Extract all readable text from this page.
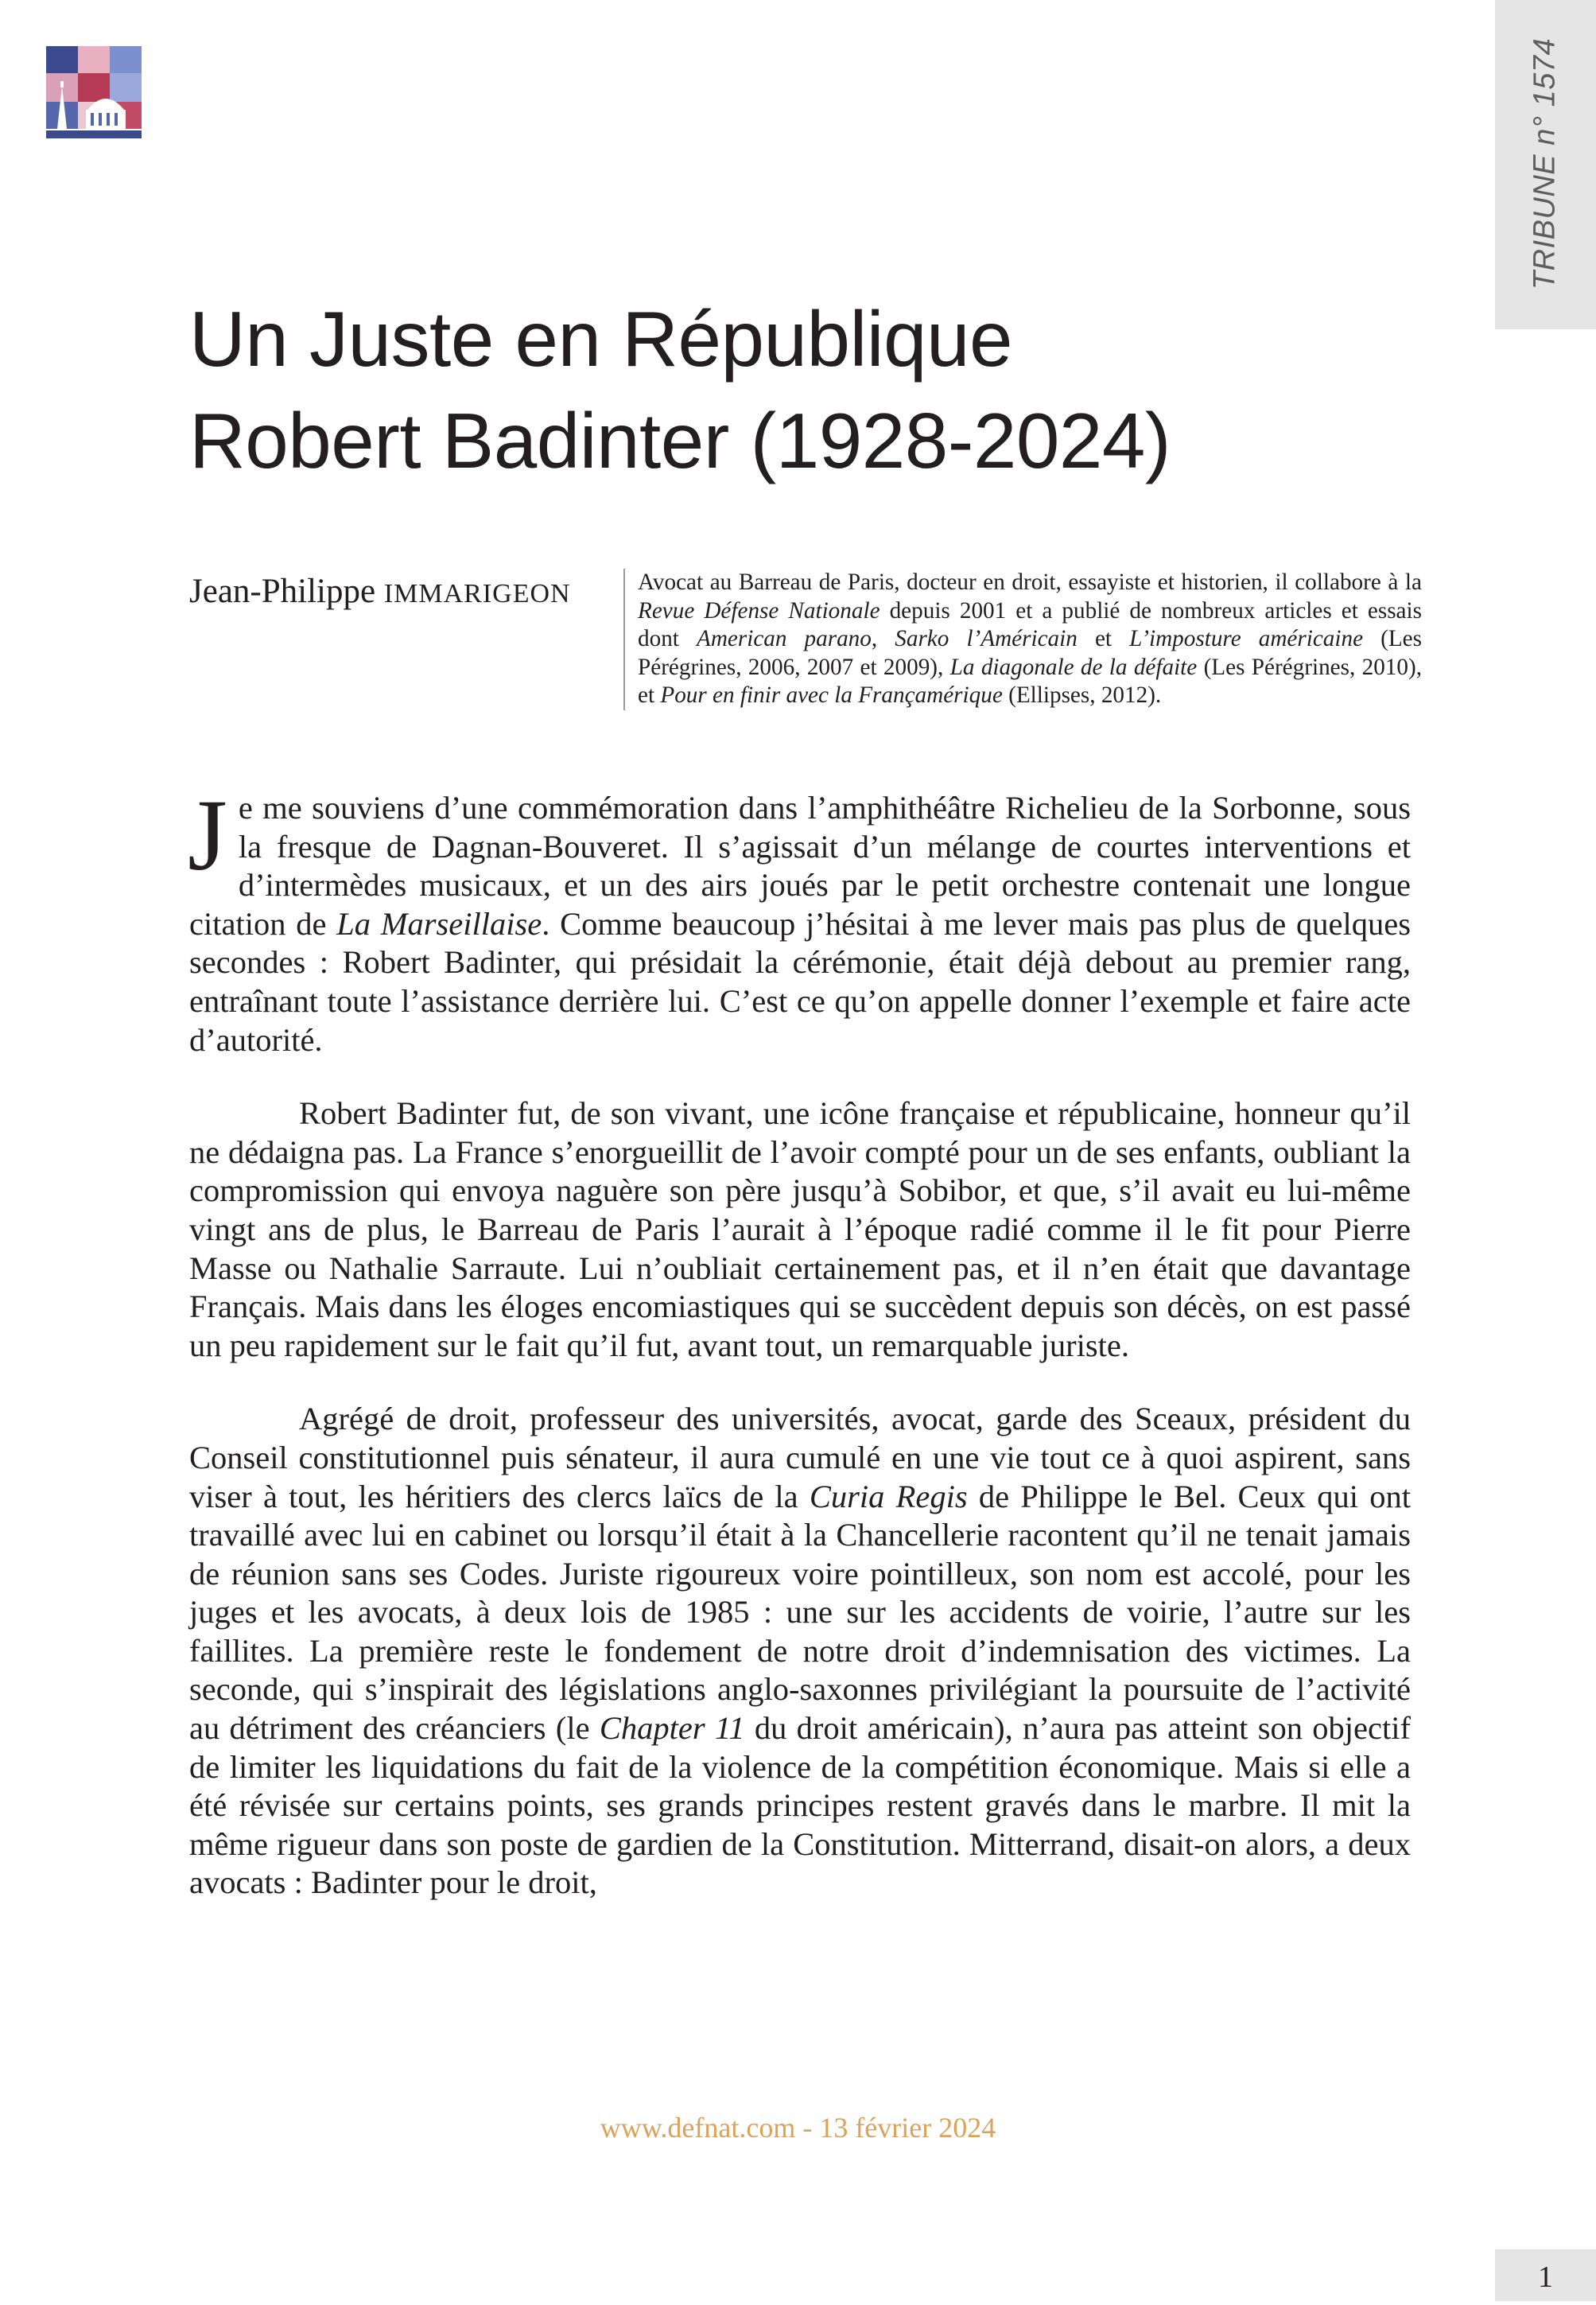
TRIBUNE n° 1574
Un Juste en République
Robert Badinter (1928-2024)
Jean-Philippe IMMARIGEON	Avocat au Barreau de Paris, docteur en droit, essayiste et historien, il collabore à la Revue Défense Nationale depuis 2001 et a publié de nombreux articles et essais dont American parano, Sarko l’Américain et L’imposture américaine (Les Pérégrines, 2006, 2007 et 2009), La diagonale de la défaite (Les Pérégrines, 2010), et Pour en finir avec la Françamérique (Ellipses, 2012).

Je me souviens d’une commémoration dans l’amphithéâtre Richelieu de la Sorbonne, sous la fresque de Dagnan-Bouveret. Il s’agissait d’un mélange de courtes interventions et d’intermèdes musicaux, et un des airs joués par le petit orchestre contenait une longue citation de La Marseillaise. Comme beaucoup j’hésitai à me lever mais pas plus de quelques secondes : Robert Badinter, qui présidait la cérémonie, était déjà debout au premier rang, entraînant toute l’assistance derrière lui. C’est ce qu’on appelle donner l’exemple et faire acte d’autorité.

Robert Badinter fut, de son vivant, une icône française et républicaine, honneur qu’il ne dédaigna pas. La France s’enorgueillit de l’avoir compté pour un de ses enfants, oubliant la compromission qui envoya naguère son père jusqu’à Sobibor, et que, s’il avait eu lui-même vingt ans de plus, le Barreau de Paris l’aurait à l’époque radié comme il le fit pour Pierre Masse ou Nathalie Sarraute. Lui n’oubliait certainement pas, et il n’en était que davantage Français. Mais dans les éloges encomiastiques qui se succèdent depuis son décès, on est passé un peu rapidement sur le fait qu’il fut, avant tout, un remarquable juriste.

Agrégé de droit, professeur des universités, avocat, garde des Sceaux, président du Conseil constitutionnel puis sénateur, il aura cumulé en une vie tout ce à quoi aspirent, sans viser à tout, les héritiers des clercs laïcs de la Curia Regis de Philippe le Bel. Ceux qui ont travaillé avec lui en cabinet ou lorsqu’il était à la Chancellerie racontent qu’il ne tenait jamais de réunion sans ses Codes. Juriste rigoureux voire pointilleux, son nom est accolé, pour les juges et les avocats, à deux lois de 1985 : une sur les accidents de voirie, l’autre sur les faillites. La première reste le fondement de notre droit d’indemnisation des victimes. La seconde, qui s’inspirait des législations anglo-saxonnes privilégiant la poursuite de l’activité au détriment des créanciers (le Chapter 11 du droit américain), n’aura pas atteint son objectif de limiter les liquidations du fait de la violence de la compétition économique. Mais si elle a été révisée sur certains points, ses grands principes restent gravés dans le marbre. Il mit la même rigueur dans son poste de gardien de la Constitution. Mitterrand, disait-on alors, a deux avocats : Badinter pour le droit,

www.defnat.com - 13 février 2024
1
